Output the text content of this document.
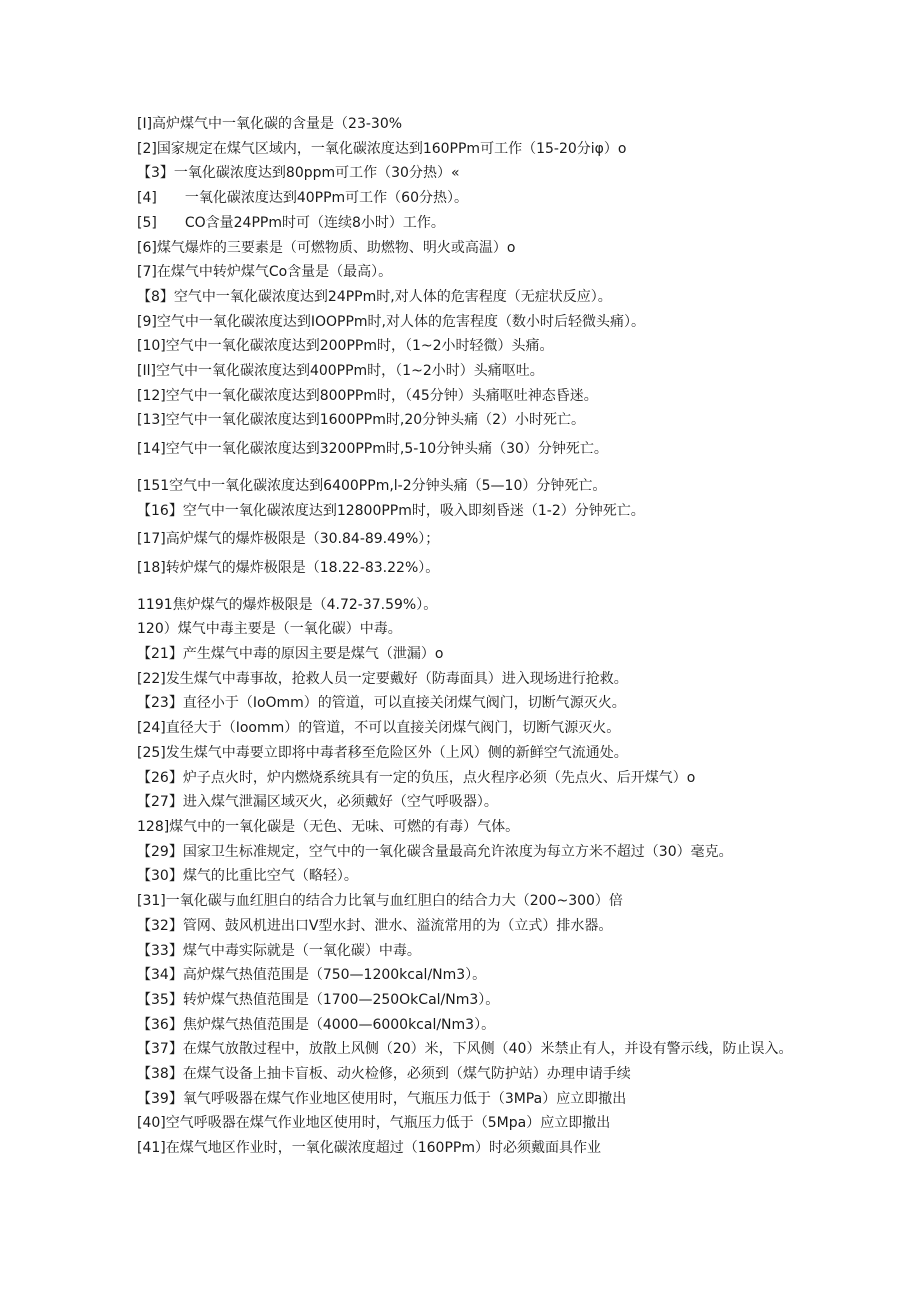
[I]高炉煤气中一氧化碳的含量是（23-30%
[2]国家规定在煤气区域内，一氧化碳浓度达到160PPm可工作（15-20分iφ）o
【3】一氧化碳浓度达到80ppm可工作（30分热）«
[4]　　一氧化碳浓度达到40PPm可工作（60分热）。
[5]　　CO含量24PPm时可（连续8小时）工作。
[6]煤气爆炸的三要素是（可燃物质、助燃物、明火或高温）o
[7]在煤气中转炉煤气Co含量是（最高）。
【8】空气中一氧化碳浓度达到24PPm时,对人体的危害程度（无症状反应）。
[9]空气中一氧化碳浓度达到IOOPPm时,对人体的危害程度（数小时后轻微头痛）。
[10]空气中一氧化碳浓度达到200PPm时，（1~2小时轻微）头痛。
[Il]空气中一氧化碳浓度达到400PPm时，（1~2小时）头痛呕吐。
[12]空气中一氧化碳浓度达到800PPm时，（45分钟）头痛呕吐神态昏迷。
[13]空气中一氧化碳浓度达到1600PPm时,20分钟头痛（2）小时死亡。
[14]空气中一氧化碳浓度达到3200PPm时,5-10分钟头痛（30）分钟死亡。
[151空气中一氧化碳浓度达到6400PPm,l-2分钟头痛（5—10）分钟死亡。
【16】空气中一氧化碳浓度达到12800PPm时，吸入即刻昏迷（1-2）分钟死亡。
[17]高炉煤气的爆炸极限是（30.84-89.49%）；
[18]转炉煤气的爆炸极限是（18.22-83.22%）。
1191焦炉煤气的爆炸极限是（4.72-37.59%）。
120）煤气中毒主要是（一氧化碳）中毒。
【21】产生煤气中毒的原因主要是煤气（泄漏）o
[22]发生煤气中毒事故，抢救人员一定要戴好（防毒面具）进入现场进行抢救。
【23】直径小于（IoOmm）的管道，可以直接关闭煤气阀门，切断气源灭火。
[24]直径大于（Ioomm）的管道，不可以直接关闭煤气阀门，切断气源灭火。
[25]发生煤气中毒要立即将中毒者移至危险区外（上风）侧的新鲜空气流通处。
【26】炉子点火时，炉内燃烧系统具有一定的负压，点火程序必须（先点火、后开煤气）o
【27】进入煤气泄漏区域灭火，必须戴好（空气呼吸器）。
128]煤气中的一氧化碳是（无色、无味、可燃的有毒）气体。
【29】国家卫生标准规定，空气中的一氧化碳含量最高允许浓度为每立方米不超过（30）毫克。
【30】煤气的比重比空气（略轻）。
[31]一氧化碳与血红胆白的结合力比氧与血红胆白的结合力大（200~300）倍
【32】管网、鼓风机进出口V型水封、泄水、溢流常用的为（立式）排水器。
【33】煤气中毒实际就是（一氧化碳）中毒。
【34】高炉煤气热值范围是（750—1200kcal∕Nm3）。
【35】转炉煤气热值范围是（1700—250OkCal/Nm3）。
【36】焦炉煤气热值范围是（4000—6000kcal∕Nm3）。
【37】在煤气放散过程中，放散上风侧（20）米，下风侧（40）米禁止有人，并设有警示线，防止误入。
【38】在煤气设备上抽卡盲板、动火检修，必须到（煤气防护站）办理申请手续
【39】氧气呼吸器在煤气作业地区使用时，气瓶压力低于（3MPa）应立即撤出
[40]空气呼吸器在煤气作业地区使用时，气瓶压力低于（5Mpa）应立即撤出
[41]在煤气地区作业时，一氧化碳浓度超过（160PPm）时必须戴面具作业
